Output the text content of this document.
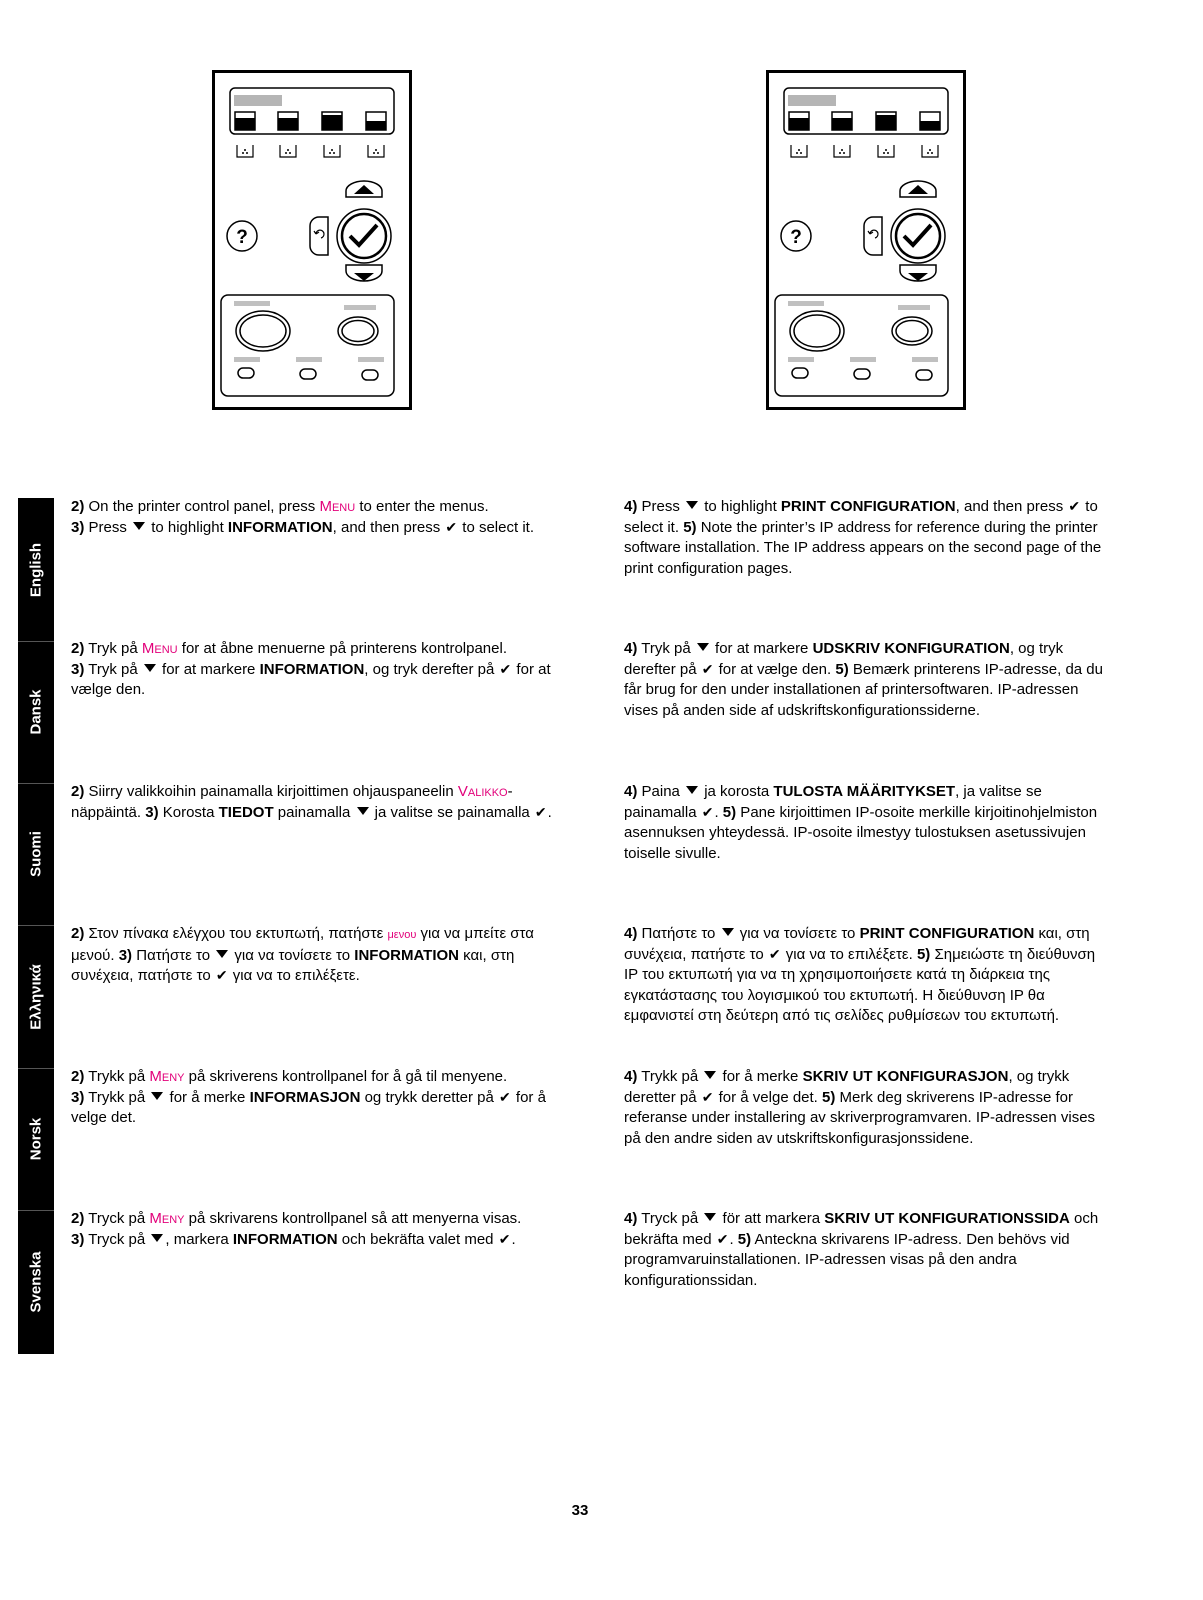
?	?
English
Dansk
Suomi
Ελληνικά
Norsk
Svenska
2) On the printer control panel, press Menu to enter the menus.
3) Press  to highlight INFORMATION, and then press ✔ to select it.
4) Press  to highlight PRINT CONFIGURATION, and then press ✔ to select it. 5) Note the printer’s IP address for reference during the printer software installation. The IP address appears on the second page of the print configuration pages.
2) Tryk på Menu for at åbne menuerne på printerens kontrolpanel.
3) Tryk på  for at markere INFORMATION, og tryk derefter på ✔ for at vælge den.
4) Tryk på  for at markere UDSKRIV KONFIGURATION, og tryk derefter på ✔ for at vælge den. 5) Bemærk printerens IP-adresse, da du får brug for den under installationen af printersoftwaren. IP-adressen vises på anden side af udskriftskonfigurationssiderne.
2) Siirry valikkoihin painamalla kirjoittimen ohjauspaneelin Valikko-näppäintä. 3) Korosta TIEDOT painamalla  ja valitse se painamalla ✔.
4) Paina  ja korosta TULOSTA MÄÄRITYKSET, ja valitse se painamalla ✔. 5) Pane kirjoittimen IP-osoite merkille kirjoitinohjelmiston asennuksen yhteydessä. IP-osoite ilmestyy tulostuksen asetussivujen toiselle sivulle.
2) Στον πίνακα ελέγχου του εκτυπωτή, πατήστε μενου για να μπείτε στα μενού. 3) Πατήστε το  για να τονίσετε το INFORMATION και, στη συνέχεια, πατήστε το ✔ για να το επιλέξετε.
4) Πατήστε το  για να τονίσετε το PRINT CONFIGURATION και, στη συνέχεια, πατήστε το ✔ για να το επιλέξετε. 5) Σημειώστε τη διεύθυνση IP του εκτυπωτή για να τη χρησιμοποιήσετε κατά τη διάρκεια της εγκατάστασης του λογισμικού του εκτυπωτή. Η διεύθυνση IP θα εμφανιστεί στη δεύτερη από τις σελίδες ρυθμίσεων του εκτυπωτή.
2) Trykk på Meny på skriverens kontrollpanel for å gå til menyene.
3) Trykk på  for å merke INFORMASJON og trykk deretter på ✔ for å velge det.
4) Trykk på  for å merke SKRIV UT KONFIGURASJON, og trykk deretter på ✔ for å velge det. 5) Merk deg skriverens IP-adresse for referanse under installering av skriverprogramvaren. IP-adressen vises på den andre siden av utskriftskonfigurasjonssidene.
2) Tryck på Meny på skrivarens kontrollpanel så att menyerna visas.
3) Tryck på , markera INFORMATION och bekräfta valet med ✔.
4) Tryck på  för att markera SKRIV UT KONFIGURATIONSSIDA och bekräfta med ✔. 5) Anteckna skrivarens IP-adress. Den behövs vid programvaruinstallationen. IP-adressen visas på den andra konfigurationssidan.
33
